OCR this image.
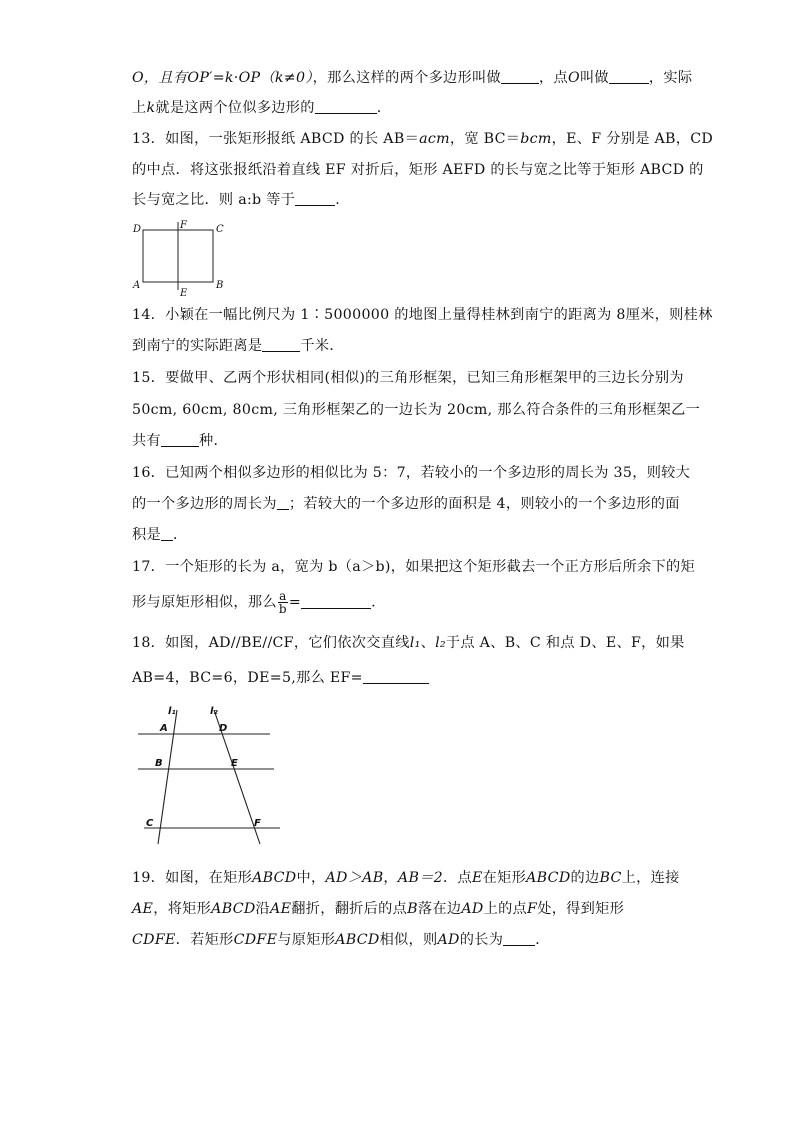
O，且有OP′=k·OP（k≠0），那么这样的两个多边形叫做	，点O叫做	，实际
上k就是这两个位似多边形的	.
13．如图，一张矩形报纸 ABCD 的长 AB＝acm，宽 BC＝bcm，E、F 分别是 AB，CD
的中点．将这张报纸沿着直线 EF 对折后，矩形 AEFD 的长与宽之比等于矩形 ABCD 的
长与宽之比．则 a:b 等于	.
D	F	C
A
E
B
14．小颖在一幅比例尺为 1∶5000000 的地图上量得桂林到南宁的距离为 8厘米，则桂林
到南宁的实际距离是	千米．
15．要做甲、乙两个形状相同(相似)的三角形框架，已知三角形框架甲的三边长分别为
50cm, 60cm, 80cm, 三角形框架乙的一边长为 20cm, 那么符合条件的三角形框架乙一
共有	种．
16．已知两个相似多边形的相似比为 5：7，若较小的一个多边形的周长为 35，则较大
的一个多边形的周长为 ；若较大的一个多边形的面积是 4，则较小的一个多边形的面
积是 ．
17．一个矩形的长为 a，宽为 b（a＞b)，如果把这个矩形截去一个正方形后所余下的矩
形与原矩形相似，那么 $\frac{a}{b}$ =	.
18．如图，AD//BE//CF，它们依次交直线l₁、l₂于点 A、B、C 和点 D、E、F，如果
AB=4，BC=6，DE=5,那么 EF=
l₁	l₂
A	D
B	E
C	F
19．如图，在矩形ABCD中，AD＞AB，AB＝2．点E在矩形ABCD的边BC上，连接
AE，将矩形ABCD沿AE翻折，翻折后的点B落在边AD上的点F处，得到矩形
CDFE．若矩形CDFE与原矩形ABCD相似，则AD的长为 ．
